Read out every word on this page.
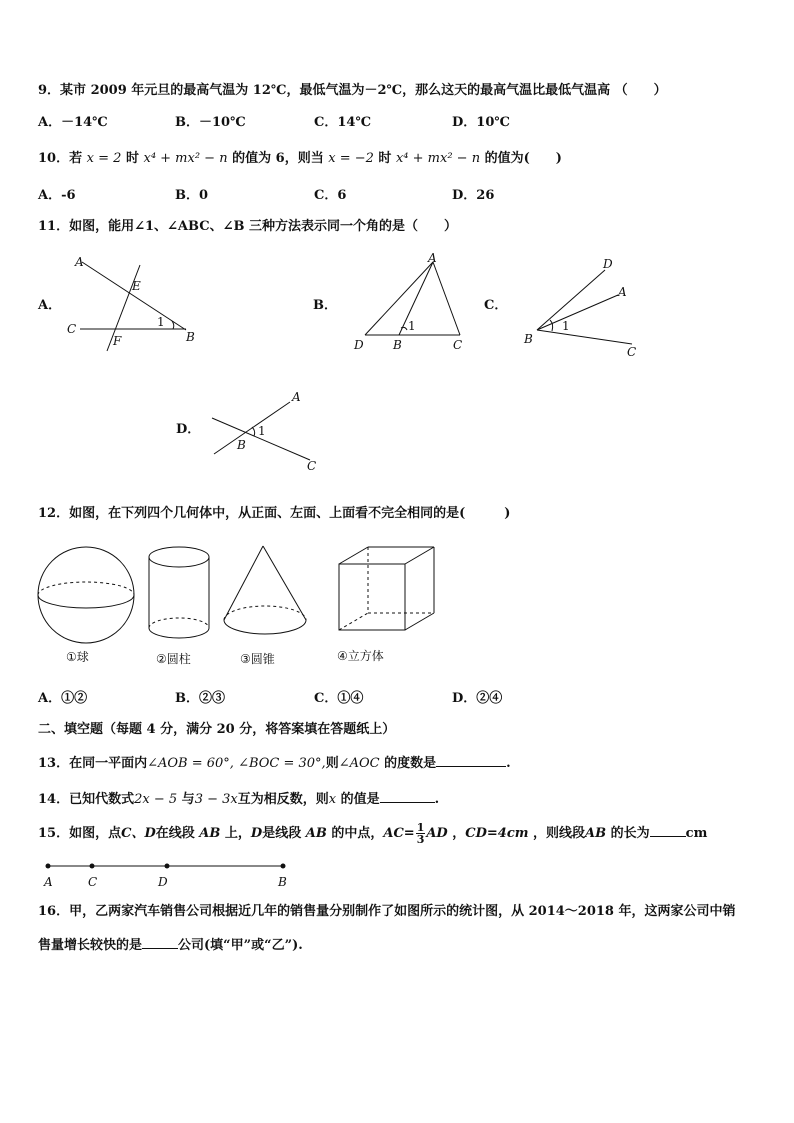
9．某市 2009 年元旦的最高气温为 12℃，最低气温为－2℃，那么这天的最高气温比最低气温高 （　　）
A．－14℃	B．－10℃	C．14℃	D．10℃
10．若 x = 2 时 x⁴ + mx² − n 的值为 6，则当 x = −2 时 x⁴ + mx² − n 的值为(　　)
A．-6	B．0	C．6	D．26
11．如图，能用∠1、∠ABC、∠B 三种方法表示同一个角的是（　　）
A．	B．	C．
D．
A
E
C
F	B
1
A
D B	C
1
D
A
B
C
1
A
B
C
1
12．如图，在下列四个几何体中，从正面、左面、上面看不完全相同的是(　　　)
①球	②圆柱	③圆锥	④立方体
A．①②	B．②③	C．①④	D．②④
二、填空题（每题 4 分，满分 20 分，将答案填在答题纸上）
13．在同一平面内∠AOB = 60°, ∠BOC = 30°,则∠AOC 的度数是	.
14．已知代数式2x − 5 与3 − 3x互为相反数，则x 的值是	.
15．如图，点C、D在线段 AB 上，D是线段 AB 的中点，$AC= \frac{1}{3}$ AD ，CD=4cm ，则线段AB 的长为	cm
A	C	D	B
16．甲，乙两家汽车销售公司根据近几年的销售量分别制作了如图所示的统计图，从 2014～2018 年，这两家公司中销
售量增长较快的是	公司(填“甲”或“乙”).
